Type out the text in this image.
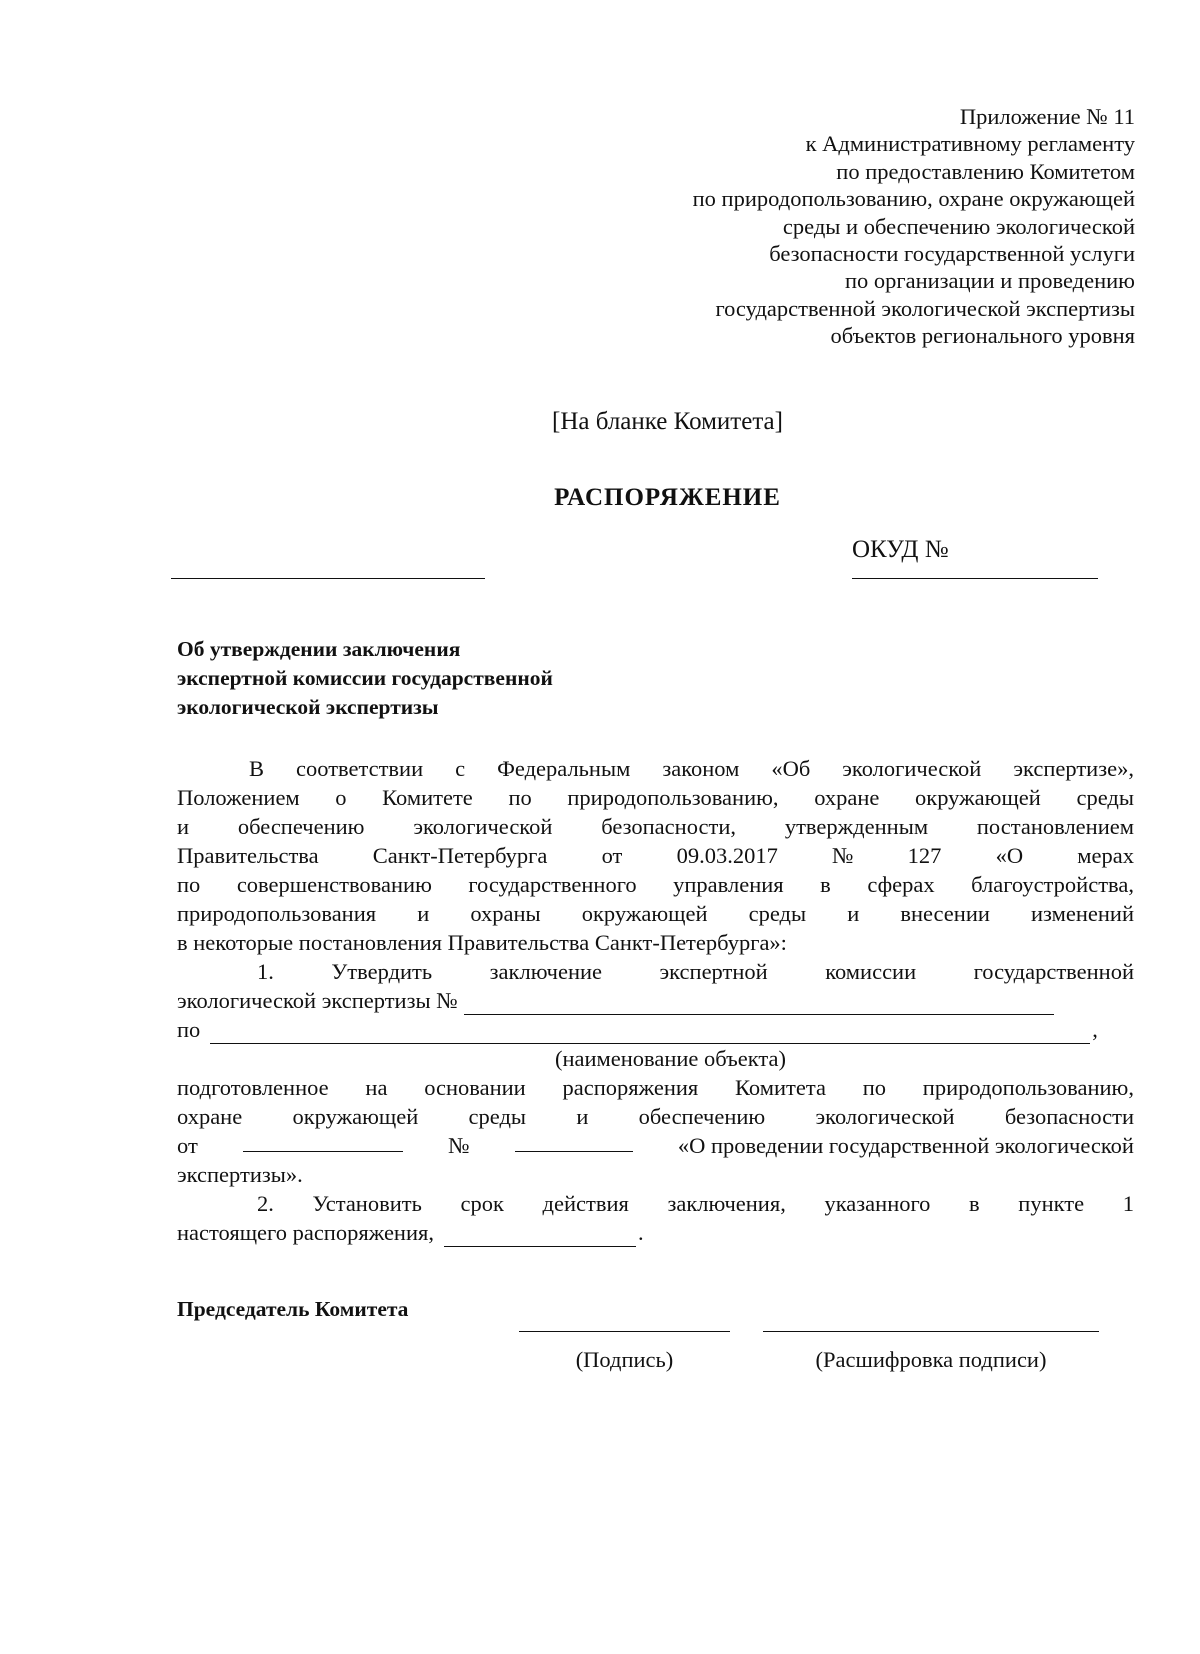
Приложение № 11
к Административному регламенту
по предоставлению Комитетом
по природопользованию, охране окружающей
среды и обеспечению экологической
безопасности государственной услуги
по организации и проведению
государственной экологической экспертизы
объектов регионального уровня
[На бланке Комитета]
РАСПОРЯЖЕНИЕ
ОКУД №
Об утверждении заключения
экспертной комиссии государственной
экологической экспертизы
В соответствии с Федеральным законом «Об экологической экспертизе»,
Положением о Комитете по природопользованию, охране окружающей среды
и обеспечению экологической безопасности, утвержденным постановлением
Правительства Санкт-Петербурга от 09.03.2017 № 127 «О мерах
по совершенствованию государственного управления в сферах благоустройства,
природопользования и охраны окружающей среды и внесении изменений
в некоторые постановления Правительства Санкт-Петербурга»:
1.	Утвердить	заключение	экспертной	комиссии	государственной
экологической экспертизы №
по	,
(наименование объекта)
подготовленное на основании распоряжения Комитета по природопользованию,
охране окружающей среды и обеспечению экологической безопасности
от	№	«О проведении государственной экологической
экспертизы».
2. Установить срок действия заключения, указанного в пункте 1
настоящего распоряжения,	.
Председатель Комитета
(Подпись)	(Расшифровка подписи)
